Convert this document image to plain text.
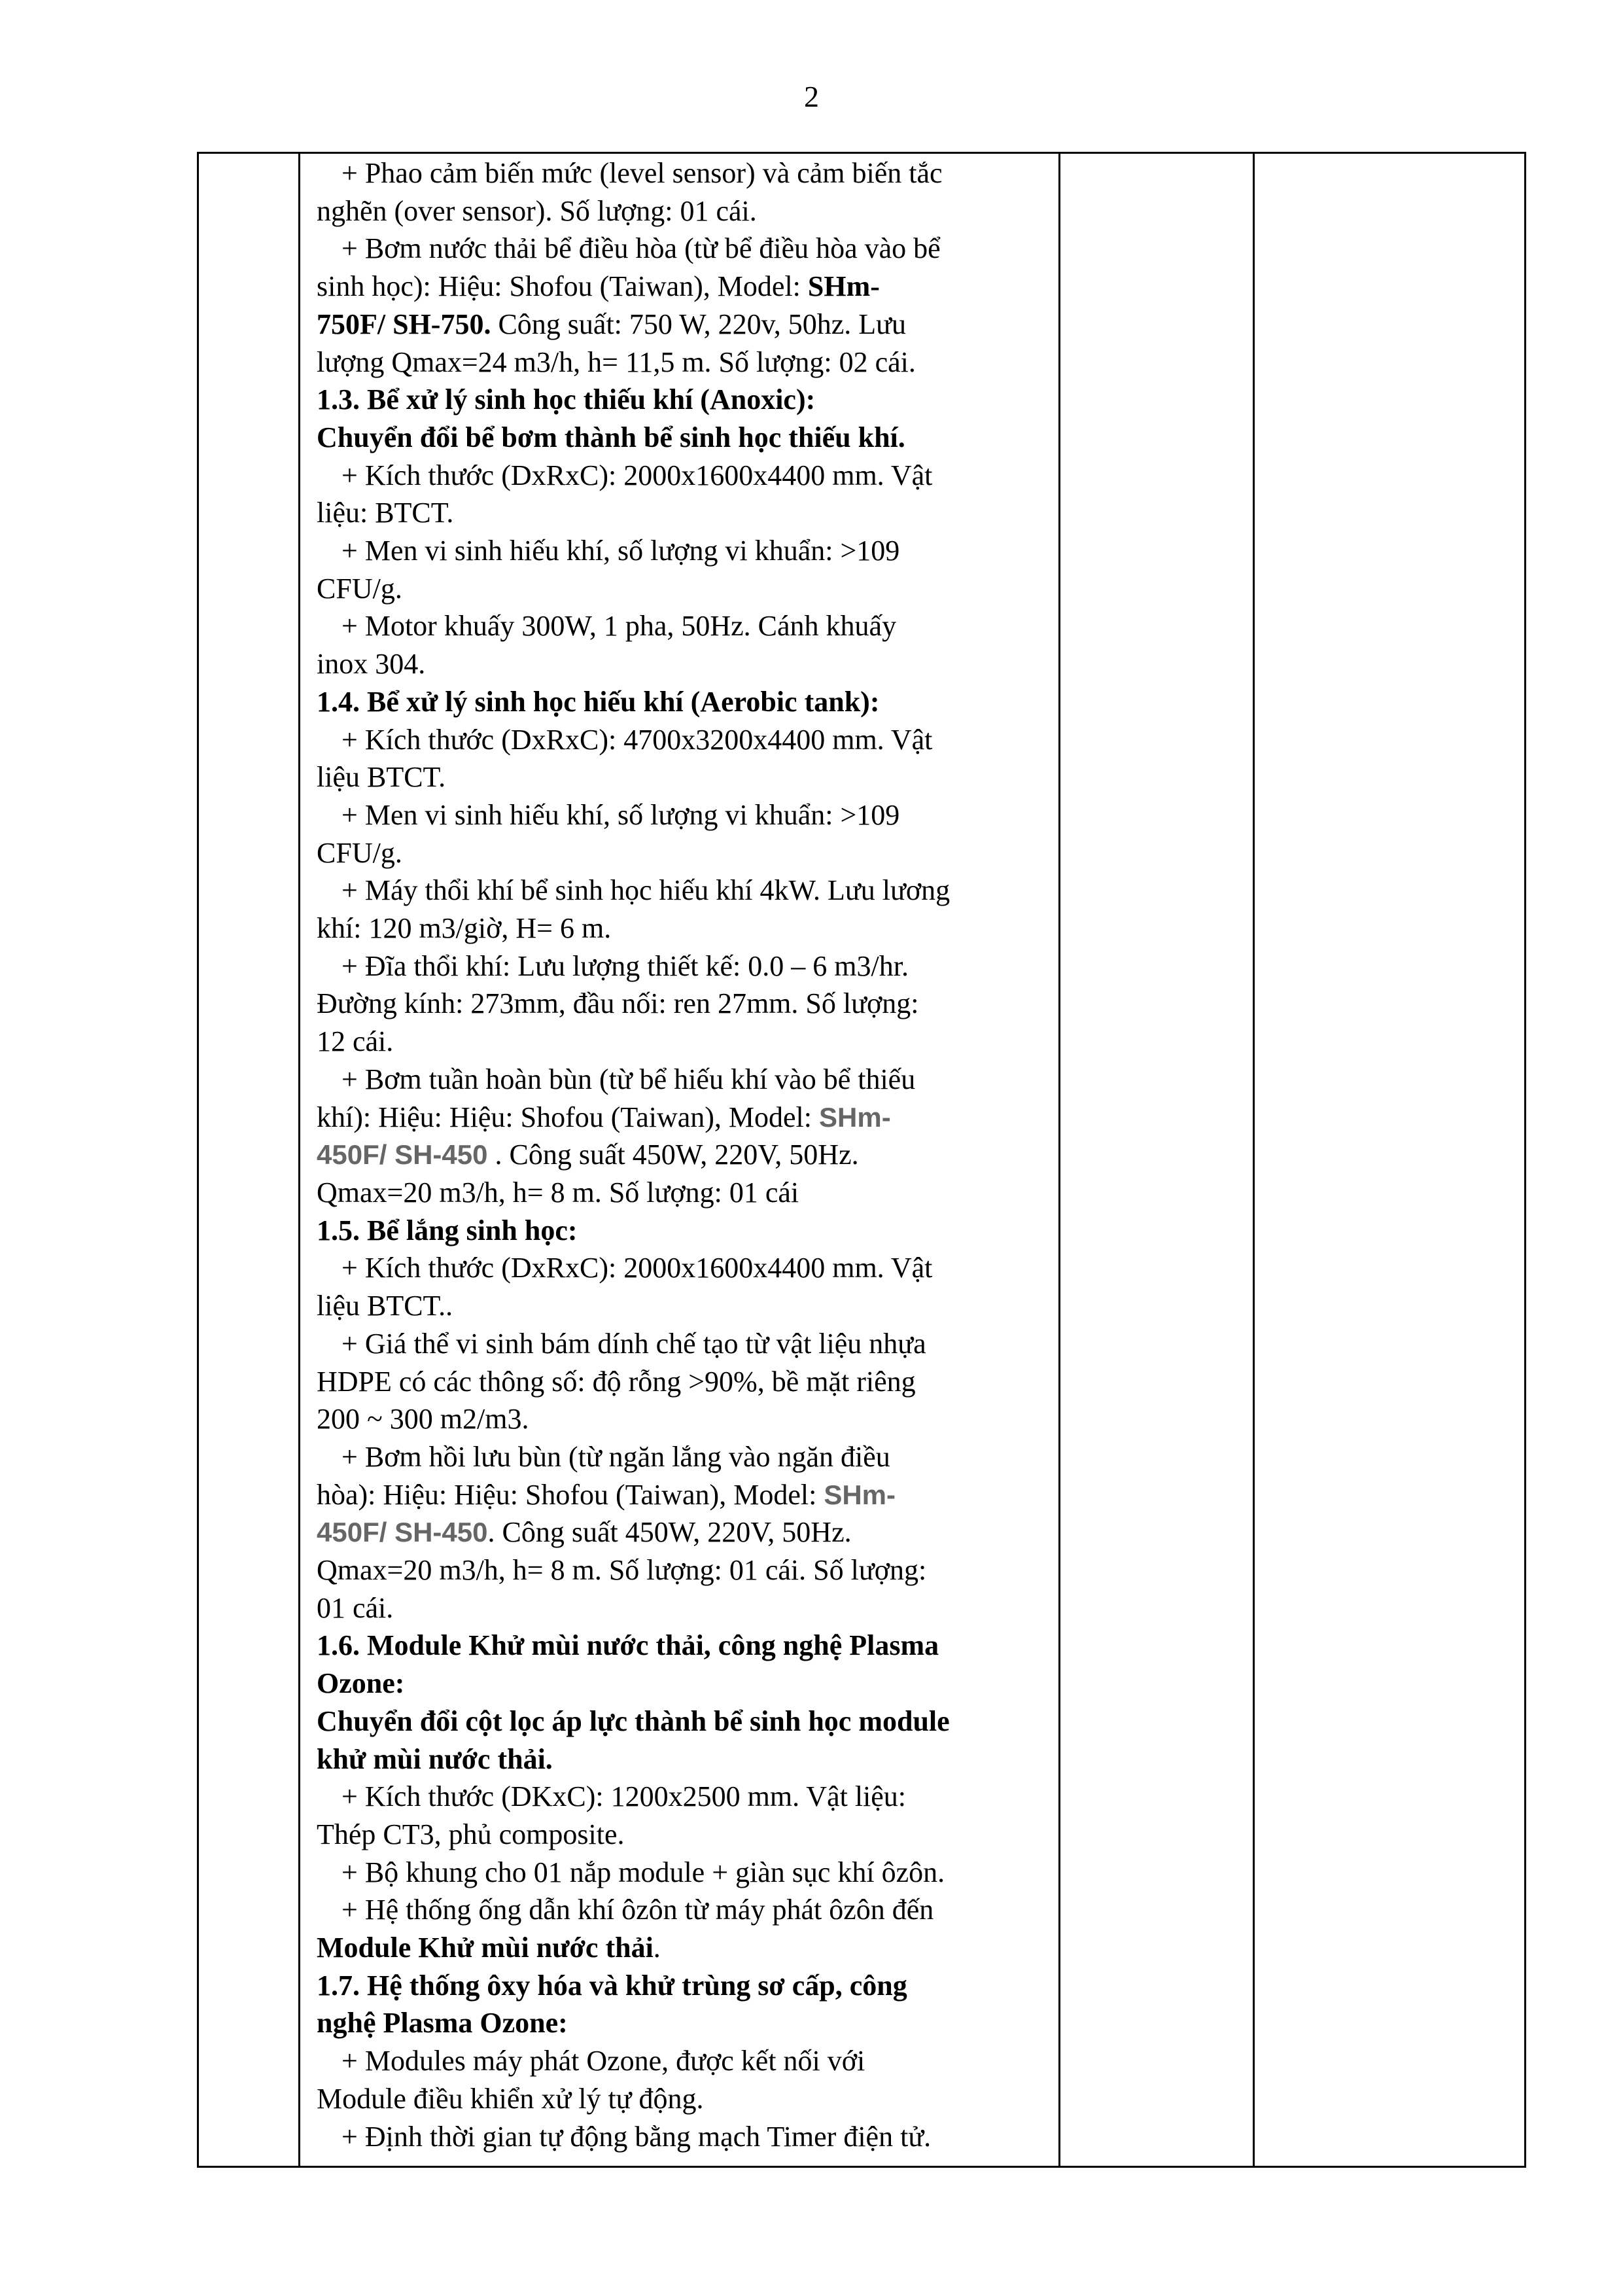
2

+ Phao cảm biến mức (level sensor) và cảm biến tắc

nghẽn (over sensor). Số lượng: 01 cái.

+ Bơm nước thải bể điều hòa (từ bể điều hòa vào bể

sinh học): Hiệu: Shofou (Taiwan), Model: SHm-

750F/ SH-750. Công suất: 750 W, 220v, 50hz. Lưu

lượng Qmax=24 m3/h, h= 11,5 m. Số lượng: 02 cái.

1.3. Bể xử lý sinh học thiếu khí (Anoxic):

Chuyển đổi bể bơm thành bể sinh học thiếu khí.

+ Kích thước (DxRxC): 2000x1600x4400 mm. Vật

liệu: BTCT.

+ Men vi sinh hiếu khí, số lượng vi khuẩn: >109

CFU/g.

+ Motor khuấy 300W, 1 pha, 50Hz. Cánh khuấy

inox 304.

1.4. Bể xử lý sinh học hiếu khí (Aerobic tank):

+ Kích thước (DxRxC): 4700x3200x4400 mm. Vật

liệu BTCT.

+ Men vi sinh hiếu khí, số lượng vi khuẩn: >109

CFU/g.

+ Máy thổi khí bể sinh học hiếu khí 4kW. Lưu lương

khí: 120 m3/giờ, H= 6 m.

+ Đĩa thổi khí: Lưu lượng thiết kế: 0.0 – 6 m3/hr.

Đường kính: 273mm, đầu nối: ren 27mm. Số lượng:

12 cái.

+ Bơm tuần hoàn bùn (từ bể hiếu khí vào bể thiếu

khí): Hiệu: Hiệu: Shofou (Taiwan), Model: SHm-

450F/ SH-450 . Công suất 450W, 220V, 50Hz.

Qmax=20 m3/h, h= 8 m. Số lượng: 01 cái

1.5. Bể lắng sinh học:

+ Kích thước (DxRxC): 2000x1600x4400 mm. Vật

liệu BTCT..

+ Giá thể vi sinh bám dính chế tạo từ vật liệu nhựa

HDPE có các thông số: độ rỗng >90%, bề mặt riêng

200 ~ 300 m2/m3.

+ Bơm hồi lưu bùn (từ ngăn lắng vào ngăn điều

hòa): Hiệu: Hiệu: Shofou (Taiwan), Model: SHm-

450F/ SH-450. Công suất 450W, 220V, 50Hz.

Qmax=20 m3/h, h= 8 m. Số lượng: 01 cái. Số lượng:

01 cái.

1.6. Module Khử mùi nước thải, công nghệ Plasma

Ozone:

Chuyển đổi cột lọc áp lực thành bể sinh học module

khử mùi nước thải.

+ Kích thước (DKxC): 1200x2500 mm. Vật liệu:

Thép CT3, phủ composite.

+ Bộ khung cho 01 nắp module + giàn sục khí ôzôn.

+ Hệ thống ống dẫn khí ôzôn từ máy phát ôzôn đến

Module Khử mùi nước thải.

1.7. Hệ thống ôxy hóa và khử trùng sơ cấp, công

nghệ Plasma Ozone:

+ Modules máy phát Ozone, được kết nối với

Module điều khiển xử lý tự động.

+ Định thời gian tự động bằng mạch Timer điện tử.
